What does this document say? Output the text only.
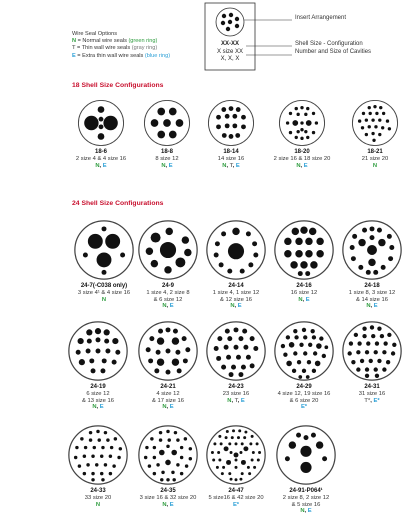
Wire Seal Options
N = Normal wire seals (green ring)
T = Thin wall wire seals (gray ring)
E = Extra thin wall wire seals (blue ring)
XX-XX
X size XX
X, X, X
Insert Arrangement
Shell Size - Configuration
Number and Size of Cavities
18 Shell Size Configurations
18-6
2 size 4 & 4 size 16
N, E
18-8
8 size 12
N, E
18-14
14 size 16
N, T, E
18-20
2 size 16 & 18 size 20
N, E
18-21
21 size 20
N
24 Shell Size Configurations
24-7(-C038 only)
3 size 4¹ & 4 size 16
N
24-9
1 size 4, 2 size 8
& 6 size 12
N, E
24-14
1 size 4, 1 size 12
& 12 size 16
N, E
24-16
16 size 12
N, E
24-18
1 size 8, 3 size 12
& 14 size 16
N, E
24-19
6 size 12
& 13 size 16
N, E
24-21
4 size 12
& 17 size 16
N, E
24-23
23 size 16
N, T, E
24-29
4 size 12, 19 size 16
& 6 size 20
E*
24-31
31 size 16
T*, E*
24-33
33 size 20
N
24-35
3 size 16 & 32 size 20
N, E
24-47
5 size16 & 42 size 20
E*
24-91-P064¹
2 size 8, 2 size 12
& 5 size 16
N, E
